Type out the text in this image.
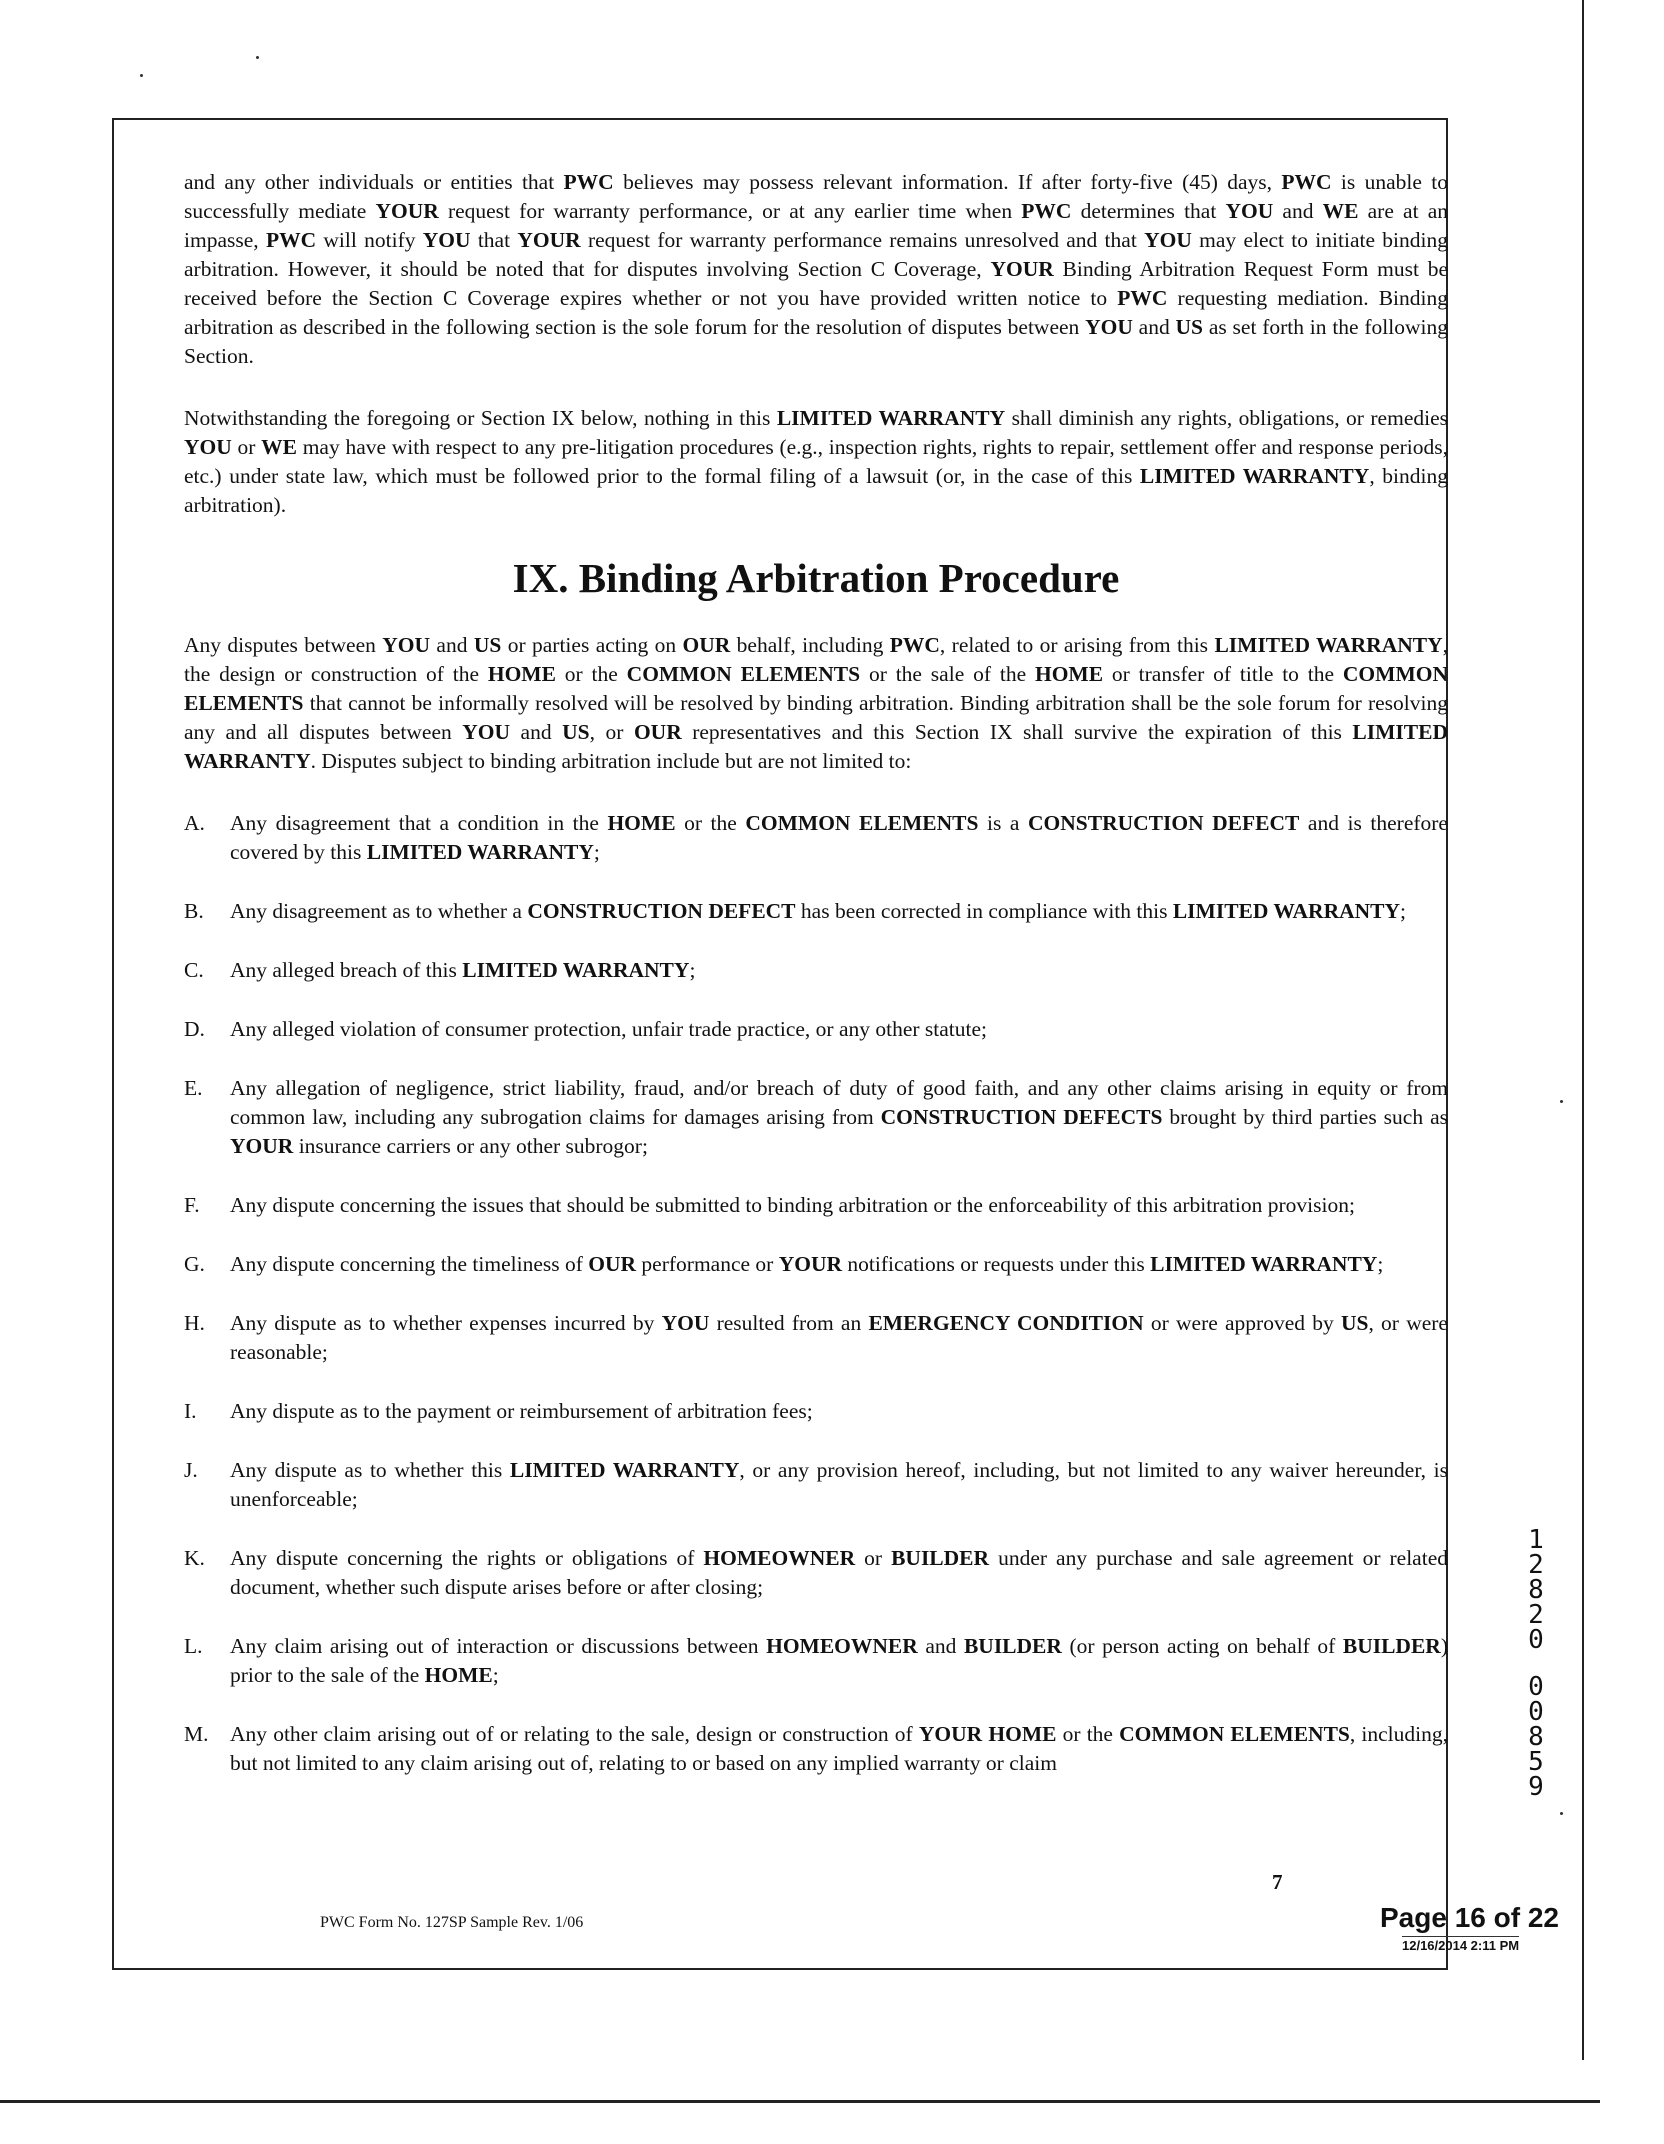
and any other individuals or entities that PWC believes may possess relevant information. If after forty-five (45) days, PWC is unable to successfully mediate YOUR request for warranty performance, or at any earlier time when PWC determines that YOU and WE are at an impasse, PWC will notify YOU that YOUR request for warranty performance remains unresolved and that YOU may elect to initiate binding arbitration. However, it should be noted that for disputes involving Section C Coverage, YOUR Binding Arbitration Request Form must be received before the Section C Coverage expires whether or not you have provided written notice to PWC requesting mediation. Binding arbitration as described in the following section is the sole forum for the resolution of disputes between YOU and US as set forth in the following Section.

Notwithstanding the foregoing or Section IX below, nothing in this LIMITED WARRANTY shall diminish any rights, obligations, or remedies YOU or WE may have with respect to any pre-litigation procedures (e.g., inspection rights, rights to repair, settlement offer and response periods, etc.) under state law, which must be followed prior to the formal filing of a lawsuit (or, in the case of this LIMITED WARRANTY, binding arbitration).

IX. Binding Arbitration Procedure

Any disputes between YOU and US or parties acting on OUR behalf, including PWC, related to or arising from this LIMITED WARRANTY, the design or construction of the HOME or the COMMON ELEMENTS or the sale of the HOME or transfer of title to the COMMON ELEMENTS that cannot be informally resolved will be resolved by binding arbitration. Binding arbitration shall be the sole forum for resolving any and all disputes between YOU and US, or OUR representatives and this Section IX shall survive the expiration of this LIMITED WARRANTY. Disputes subject to binding arbitration include but are not limited to:

A.	Any disagreement that a condition in the HOME or the COMMON ELEMENTS is a CONSTRUCTION DEFECT and is therefore covered by this LIMITED WARRANTY;
B.	Any disagreement as to whether a CONSTRUCTION DEFECT has been corrected in compliance with this LIMITED WARRANTY;
C.	Any alleged breach of this LIMITED WARRANTY;
D.	Any alleged violation of consumer protection, unfair trade practice, or any other statute;
E.	Any allegation of negligence, strict liability, fraud, and/or breach of duty of good faith, and any other claims arising in equity or from common law, including any subrogation claims for damages arising from CONSTRUCTION DEFECTS brought by third parties such as YOUR insurance carriers or any other subrogor;
F.	Any dispute concerning the issues that should be submitted to binding arbitration or the enforceability of this arbitration provision;
G.	Any dispute concerning the timeliness of OUR performance or YOUR notifications or requests under this LIMITED WARRANTY;
H.	Any dispute as to whether expenses incurred by YOU resulted from an EMERGENCY CONDITION or were approved by US, or were reasonable;
I.	Any dispute as to the payment or reimbursement of arbitration fees;
J.	Any dispute as to whether this LIMITED WARRANTY, or any provision hereof, including, but not limited to any waiver hereunder, is unenforceable;
K.	Any dispute concerning the rights or obligations of HOMEOWNER or BUILDER under any purchase and sale agreement or related document, whether such dispute arises before or after closing;
L.	Any claim arising out of interaction or discussions between HOMEOWNER and BUILDER (or person acting on behalf of BUILDER) prior to the sale of the HOME;
M.	Any other claim arising out of or relating to the sale, design or construction of YOUR HOME or the COMMON ELEMENTS, including, but not limited to any claim arising out of, relating to or based on any implied warranty or claim
7
PWC Form No. 127SP Sample Rev. 1/06	Page 16 of 22
12/16/2014 2:11 PM
1
2
8
2
0
0
0
8
5
9
